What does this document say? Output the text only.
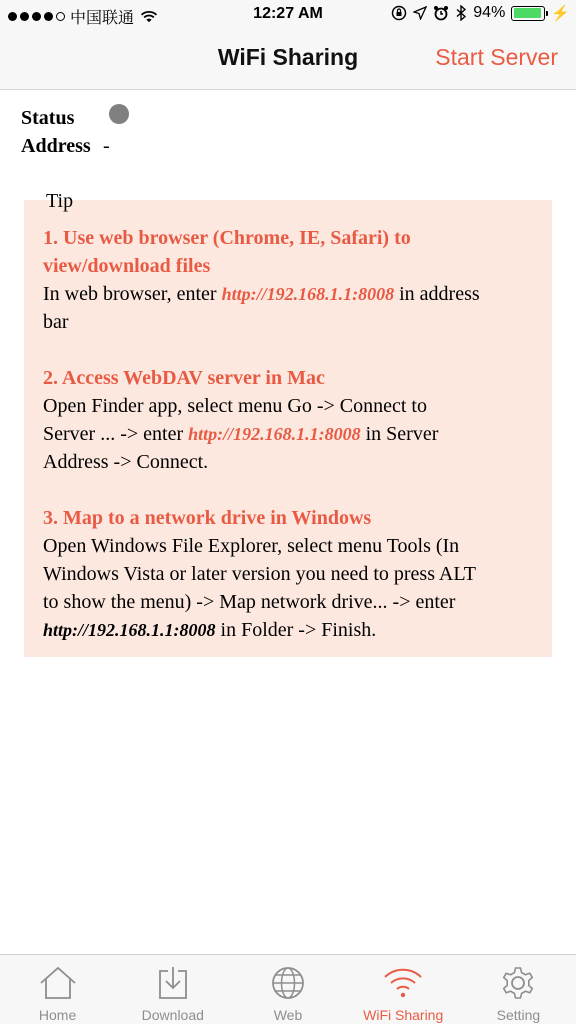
中国联通	12:27 AM	94%	⚡
WiFi Sharing	Start Server
Status
Address -
Tip
1. Use web browser (Chrome, IE, Safari) to
view/download files
In web browser, enter http://192.168.1.1:8008 in address
bar
2. Access WebDAV server in Mac
Open Finder app, select menu Go -> Connect to
Server ... -> enter http://192.168.1.1:8008 in Server
Address -> Connect.
3. Map to a network drive in Windows
Open Windows File Explorer, select menu Tools (In
Windows Vista or later version you need to press ALT
to show the menu) -> Map network drive... -> enter
http://192.168.1.1:8008 in Folder -> Finish.
Home	Download	Web	WiFi Sharing	Setting
